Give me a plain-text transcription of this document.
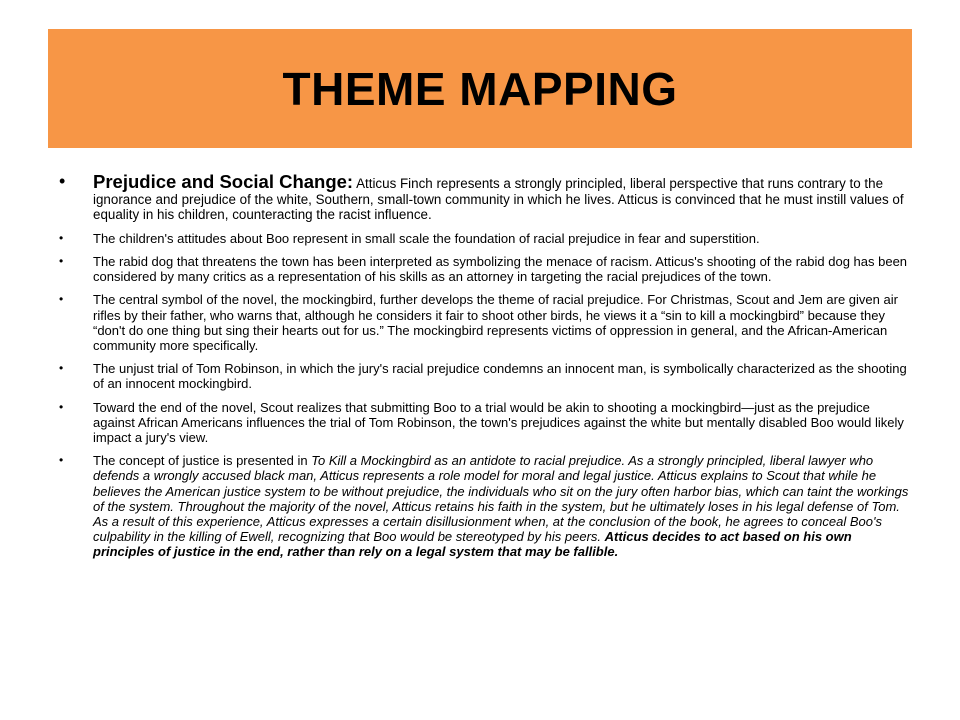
THEME MAPPING
• Prejudice and Social Change: Atticus Finch represents a strongly principled, liberal perspective that runs contrary to the ignorance and prejudice of the white, Southern, small-town community in which he lives. Atticus is convinced that he must instill values of equality in his children, counteracting the racist influence.
• The children's attitudes about Boo represent in small scale the foundation of racial prejudice in fear and superstition.
• The rabid dog that threatens the town has been interpreted as symbolizing the menace of racism. Atticus's shooting of the rabid dog has been considered by many critics as a representation of his skills as an attorney in targeting the racial prejudices of the town.
• The central symbol of the novel, the mockingbird, further develops the theme of racial prejudice. For Christmas, Scout and Jem are given air rifles by their father, who warns that, although he considers it fair to shoot other birds, he views it a “sin to kill a mockingbird” because they “don't do one thing but sing their hearts out for us.” The mockingbird represents victims of oppression in general, and the African-American community more specifically.
• The unjust trial of Tom Robinson, in which the jury's racial prejudice condemns an innocent man, is symbolically characterized as the shooting of an innocent mockingbird.
• Toward the end of the novel, Scout realizes that submitting Boo to a trial would be akin to shooting a mockingbird—just as the prejudice against African Americans influences the trial of Tom Robinson, the town's prejudices against the white but mentally disabled Boo would likely impact a jury's view.
• The concept of justice is presented in To Kill a Mockingbird as an antidote to racial prejudice. As a strongly principled, liberal lawyer who defends a wrongly accused black man, Atticus represents a role model for moral and legal justice. Atticus explains to Scout that while he believes the American justice system to be without prejudice, the individuals who sit on the jury often harbor bias, which can taint the workings of the system. Throughout the majority of the novel, Atticus retains his faith in the system, but he ultimately loses in his legal defense of Tom. As a result of this experience, Atticus expresses a certain disillusionment when, at the conclusion of the book, he agrees to conceal Boo's culpability in the killing of Ewell, recognizing that Boo would be stereotyped by his peers. Atticus decides to act based on his own principles of justice in the end, rather than rely on a legal system that may be fallible.
